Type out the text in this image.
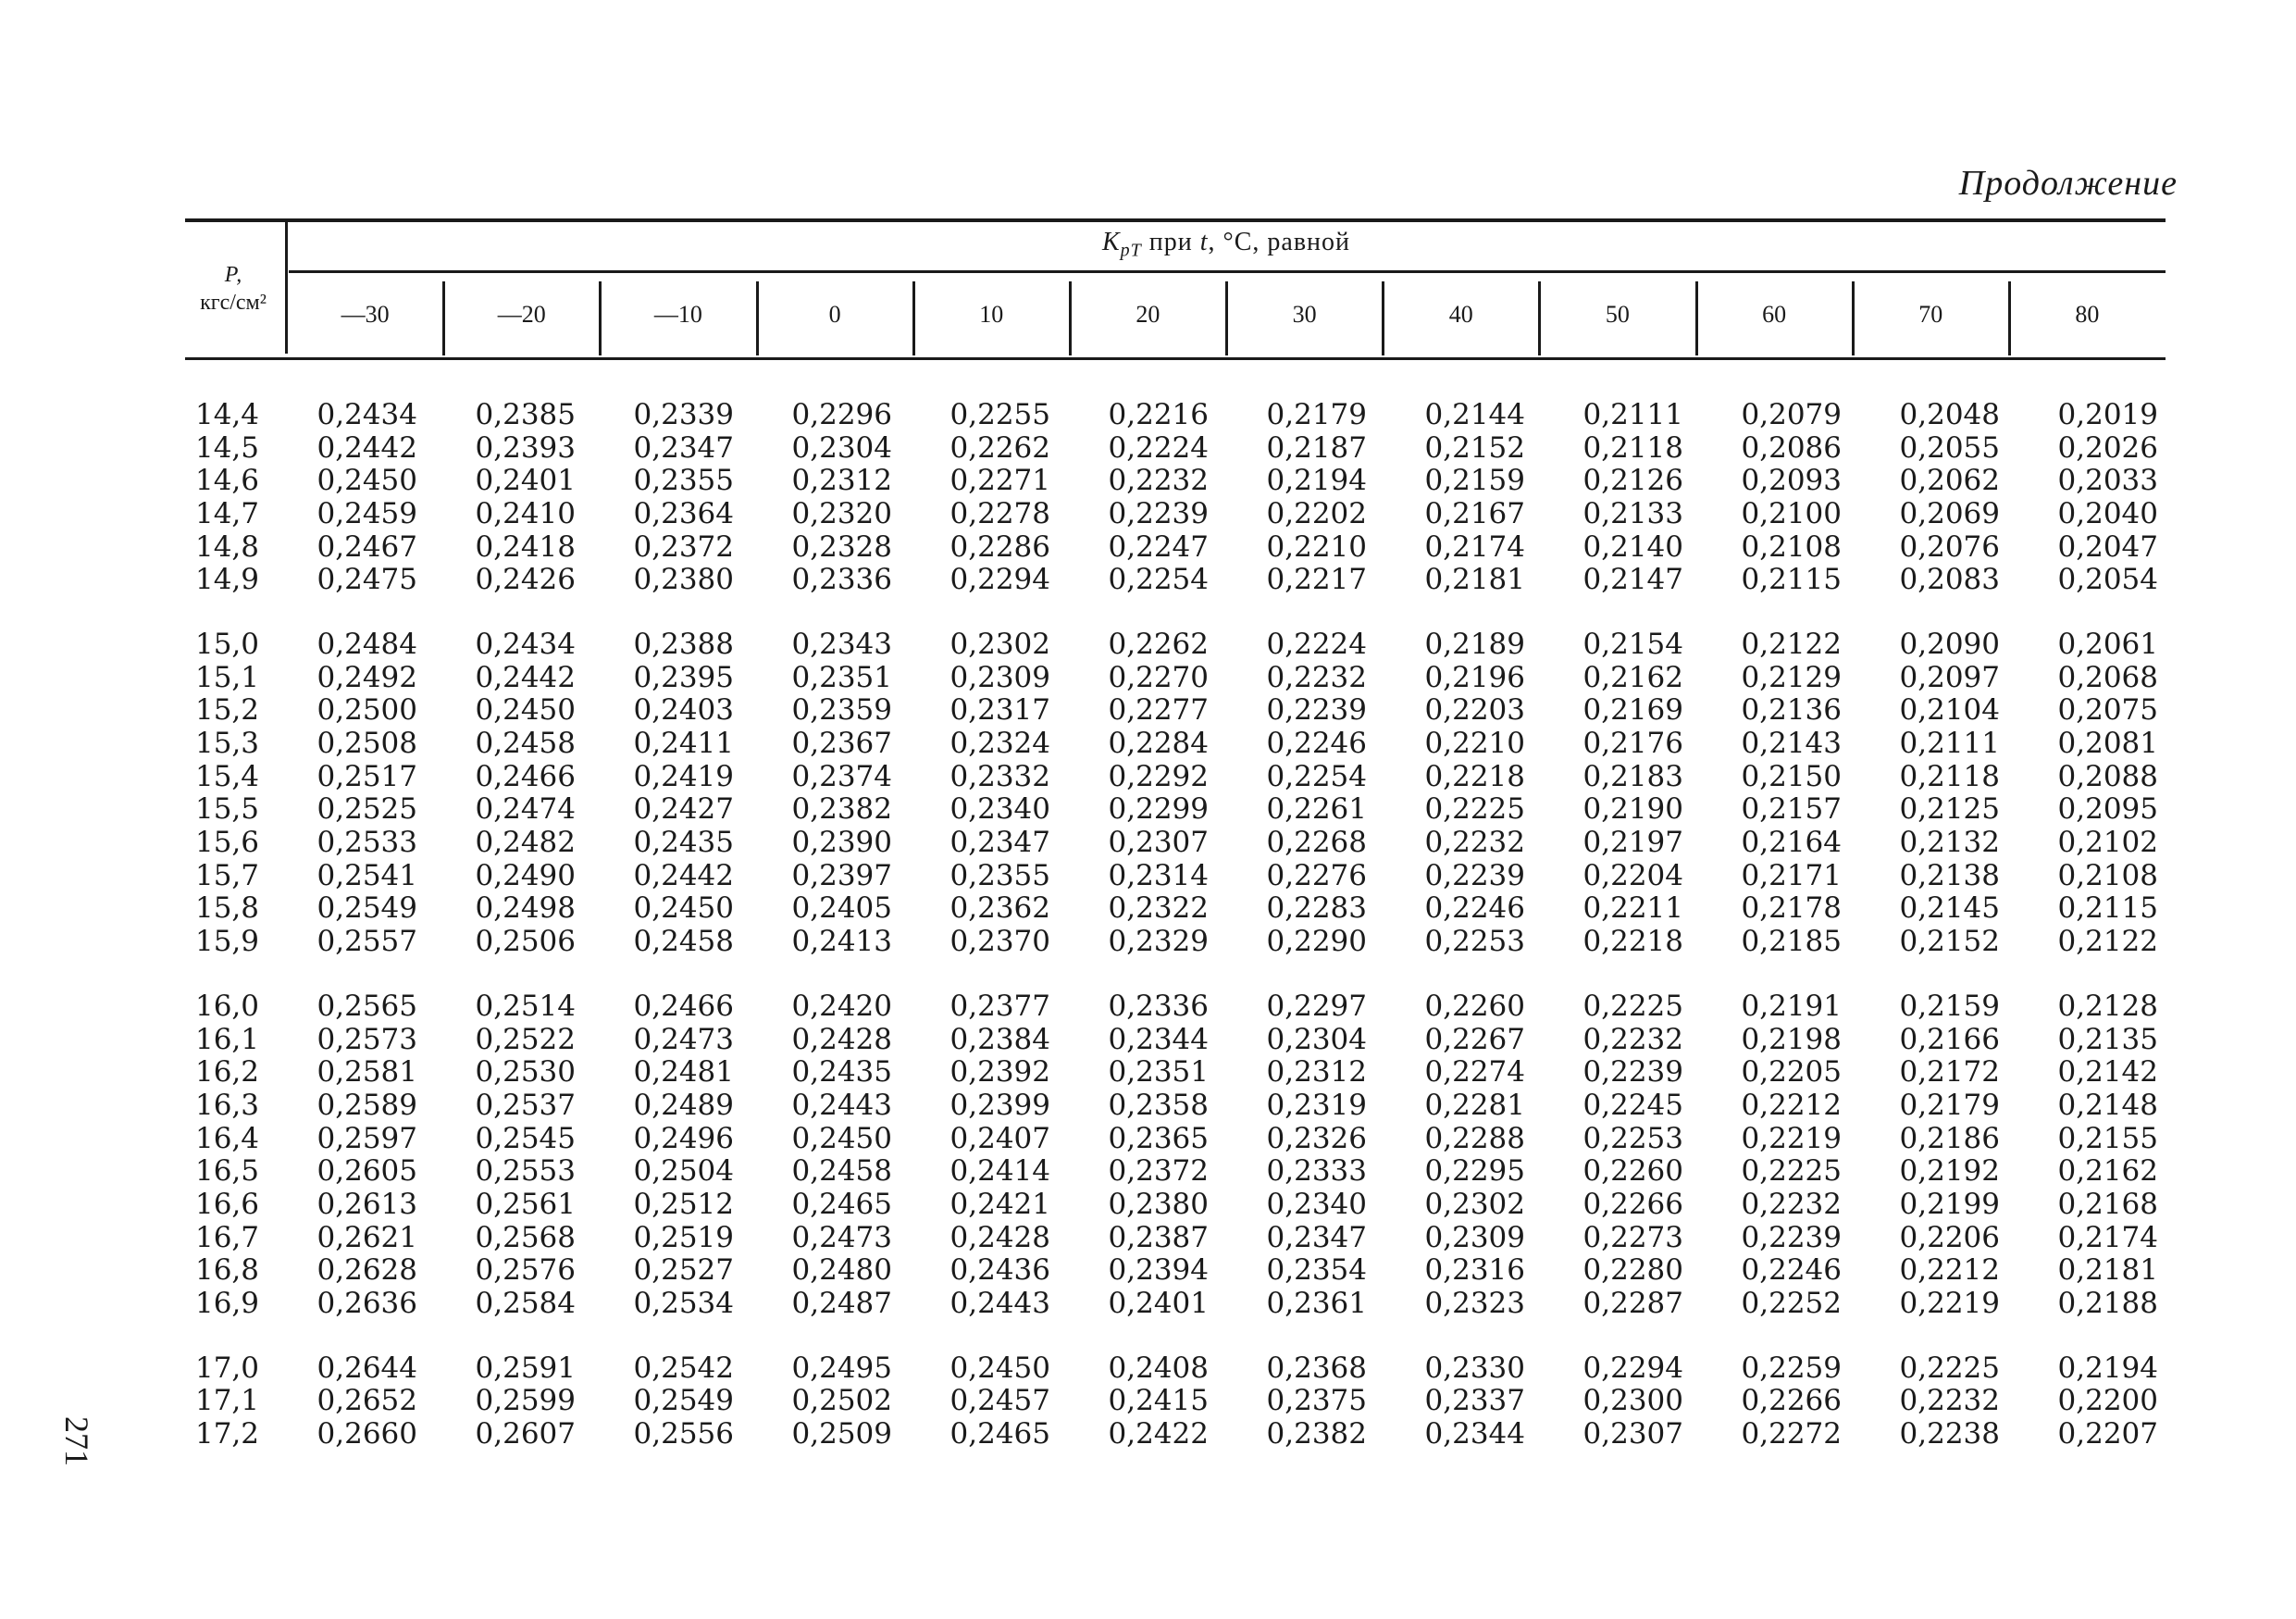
Продолжение
271
Р,
кгс/см²
$K_{рТ}$ при t, °С, равной
—30	—20	—10	0	10	20	30	40	50	60	70	80
14,4	0,2434	0,2385	0,2339	0,2296	0,2255	0,2216	0,2179	0,2144	0,2111	0,2079	0,2048	0,2019
14,5	0,2442	0,2393	0,2347	0,2304	0,2262	0,2224	0,2187	0,2152	0,2118	0,2086	0,2055	0,2026
14,6	0,2450	0,2401	0,2355	0,2312	0,2271	0,2232	0,2194	0,2159	0,2126	0,2093	0,2062	0,2033
14,7	0,2459	0,2410	0,2364	0,2320	0,2278	0,2239	0,2202	0,2167	0,2133	0,2100	0,2069	0,2040
14,8	0,2467	0,2418	0,2372	0,2328	0,2286	0,2247	0,2210	0,2174	0,2140	0,2108	0,2076	0,2047
14,9	0,2475	0,2426	0,2380	0,2336	0,2294	0,2254	0,2217	0,2181	0,2147	0,2115	0,2083	0,2054
15,0	0,2484	0,2434	0,2388	0,2343	0,2302	0,2262	0,2224	0,2189	0,2154	0,2122	0,2090	0,2061
15,1	0,2492	0,2442	0,2395	0,2351	0,2309	0,2270	0,2232	0,2196	0,2162	0,2129	0,2097	0,2068
15,2	0,2500	0,2450	0,2403	0,2359	0,2317	0,2277	0,2239	0,2203	0,2169	0,2136	0,2104	0,2075
15,3	0,2508	0,2458	0,2411	0,2367	0,2324	0,2284	0,2246	0,2210	0,2176	0,2143	0,2111	0,2081
15,4	0,2517	0,2466	0,2419	0,2374	0,2332	0,2292	0,2254	0,2218	0,2183	0,2150	0,2118	0,2088
15,5	0,2525	0,2474	0,2427	0,2382	0,2340	0,2299	0,2261	0,2225	0,2190	0,2157	0,2125	0,2095
15,6	0,2533	0,2482	0,2435	0,2390	0,2347	0,2307	0,2268	0,2232	0,2197	0,2164	0,2132	0,2102
15,7	0,2541	0,2490	0,2442	0,2397	0,2355	0,2314	0,2276	0,2239	0,2204	0,2171	0,2138	0,2108
15,8	0,2549	0,2498	0,2450	0,2405	0,2362	0,2322	0,2283	0,2246	0,2211	0,2178	0,2145	0,2115
15,9	0,2557	0,2506	0,2458	0,2413	0,2370	0,2329	0,2290	0,2253	0,2218	0,2185	0,2152	0,2122
16,0	0,2565	0,2514	0,2466	0,2420	0,2377	0,2336	0,2297	0,2260	0,2225	0,2191	0,2159	0,2128
16,1	0,2573	0,2522	0,2473	0,2428	0,2384	0,2344	0,2304	0,2267	0,2232	0,2198	0,2166	0,2135
16,2	0,2581	0,2530	0,2481	0,2435	0,2392	0,2351	0,2312	0,2274	0,2239	0,2205	0,2172	0,2142
16,3	0,2589	0,2537	0,2489	0,2443	0,2399	0,2358	0,2319	0,2281	0,2245	0,2212	0,2179	0,2148
16,4	0,2597	0,2545	0,2496	0,2450	0,2407	0,2365	0,2326	0,2288	0,2253	0,2219	0,2186	0,2155
16,5	0,2605	0,2553	0,2504	0,2458	0,2414	0,2372	0,2333	0,2295	0,2260	0,2225	0,2192	0,2162
16,6	0,2613	0,2561	0,2512	0,2465	0,2421	0,2380	0,2340	0,2302	0,2266	0,2232	0,2199	0,2168
16,7	0,2621	0,2568	0,2519	0,2473	0,2428	0,2387	0,2347	0,2309	0,2273	0,2239	0,2206	0,2174
16,8	0,2628	0,2576	0,2527	0,2480	0,2436	0,2394	0,2354	0,2316	0,2280	0,2246	0,2212	0,2181
16,9	0,2636	0,2584	0,2534	0,2487	0,2443	0,2401	0,2361	0,2323	0,2287	0,2252	0,2219	0,2188
17,0	0,2644	0,2591	0,2542	0,2495	0,2450	0,2408	0,2368	0,2330	0,2294	0,2259	0,2225	0,2194
17,1	0,2652	0,2599	0,2549	0,2502	0,2457	0,2415	0,2375	0,2337	0,2300	0,2266	0,2232	0,2200
17,2	0,2660	0,2607	0,2556	0,2509	0,2465	0,2422	0,2382	0,2344	0,2307	0,2272	0,2238	0,2207
